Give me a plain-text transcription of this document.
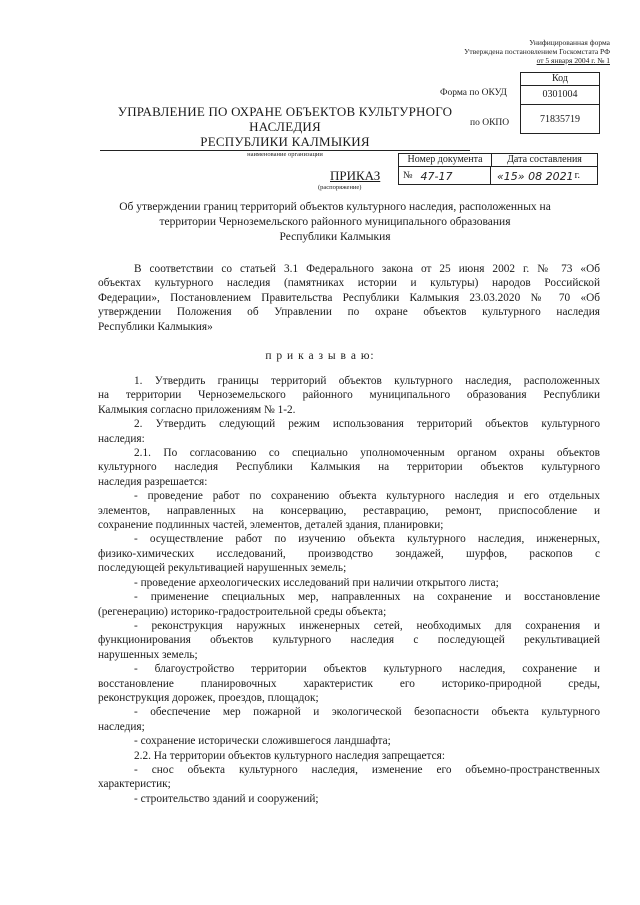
Унифицированная форма
Утверждена постановлением Госкомстата РФ
от 5 января 2004 г. № 1
Код
0301004
71835719
Форма по ОКУД
по ОКПО
УПРАВЛЕНИЕ ПО ОХРАНЕ ОБЪЕКТОВ КУЛЬТУРНОГО НАСЛЕДИЯ
РЕСПУБЛИКИ КАЛМЫКИЯ
наименование организации
ПРИКАЗ
(распоряжение)
Номер документа	Дата составления
№ 47-17	«15» 08 2021 г.
Об утверждении границ территорий объектов культурного наследия, расположенных на
территории Черноземельского районного муниципального образования
Республики Калмыкия

В соответствии со статьей 3.1 Федерального закона от 25 июня 2002 г. № 73 «Об

объектах культурного наследия (памятниках истории и культуры) народов Российской

Федерации», Постановлением Правительства Республики Калмыкия 23.03.2020 № 70 «Об

утверждении Положения об Управлении по охране объектов культурного наследия

Республики Калмыкия»

п р и к а з ы в а ю:

1. Утвердить границы территорий объектов культурного наследия, расположенных

на территории Черноземельского районного муниципального образования Республики

Калмыкия согласно приложениям № 1-2.

2. Утвердить следующий режим использования территорий объектов культурного

наследия:

2.1. По согласованию со специально уполномоченным органом охраны объектов

культурного наследия Республики Калмыкия на территории объектов культурного

наследия разрешается:

- проведение работ по сохранению объекта культурного наследия и его отдельных

элементов, направленных на консервацию, реставрацию, ремонт, приспособление и

сохранение подлинных частей, элементов, деталей здания, планировки;

- осуществление работ по изучению объекта культурного наследия, инженерных,

физико-химических исследований, производство зондажей, шурфов, раскопов с

последующей рекультивацией нарушенных земель;

- проведение археологических исследований при наличии открытого листа;

- применение специальных мер, направленных на сохранение и восстановление

(регенерацию) историко-градостроительной среды объекта;

- реконструкция наружных инженерных сетей, необходимых для сохранения и

функционирования объектов культурного наследия с последующей рекультивацией

нарушенных земель;

- благоустройство территории объектов культурного наследия, сохранение и

восстановление планировочных характеристик его историко-природной среды,

реконструкция дорожек, проездов, площадок;

- обеспечение мер пожарной и экологической безопасности объекта культурного

наследия;

- сохранение исторически сложившегося ландшафта;

2.2. На территории объектов культурного наследия запрещается:

- снос объекта культурного наследия, изменение его объемно-пространственных

характеристик;

- строительство зданий и сооружений;
